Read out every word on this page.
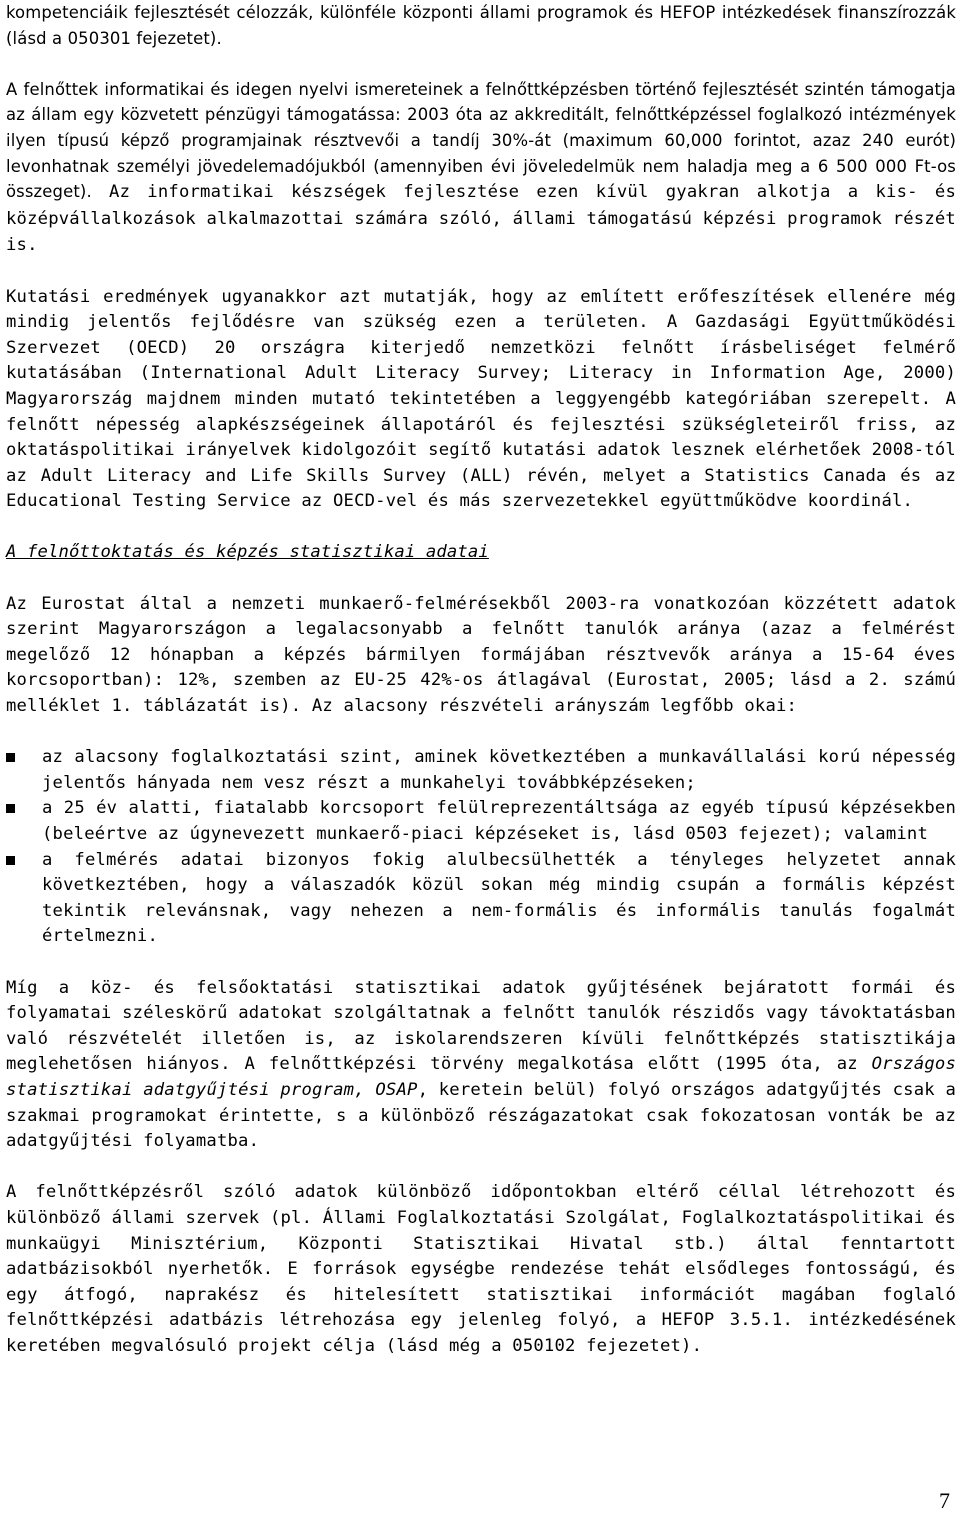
kompetenciáik fejlesztését célozzák, különféle központi állami programok és HEFOP intézkedések finanszírozzák (lásd a 050301 fejezetet).

A felnőttek informatikai és idegen nyelvi ismereteinek a felnőttképzésben történő fejlesztését szintén támogatja az állam egy közvetett pénzügyi támogatássa: 2003 óta az akkreditált, felnőttképzéssel foglalkozó intézmények ilyen típusú képző programjainak résztvevői a tandíj 30%-át (maximum 60,000 forintot, azaz 240 eurót) levonhatnak személyi jövedelemadójukból (amennyiben évi jöveledelmük nem haladja meg a 6 500 000 Ft-os összeget). Az informatikai készségek fejlesztése ezen kívül gyakran alkotja a kis- és középvállalkozások alkalmazottai számára szóló, állami támogatású képzési programok részét is.

Kutatási eredmények ugyanakkor azt mutatják, hogy az említett erőfeszítések ellenére még mindig jelentős fejlődésre van szükség ezen a területen. A Gazdasági Együttműködési Szervezet (OECD) 20 országra kiterjedő nemzetközi felnőtt írásbeliséget felmérő kutatásában (International Adult Literacy Survey; Literacy in Information Age, 2000) Magyarország majdnem minden mutató tekintetében a leggyengébb kategóriában szerepelt. A felnőtt népesség alapkészségeinek állapotáról és fejlesztési szükségleteiről friss, az oktatáspolitikai irányelvek kidolgozóit segítő kutatási adatok lesznek elérhetőek 2008-tól az Adult Literacy and Life Skills Survey (ALL) révén, melyet a Statistics Canada és az Educational Testing Service az OECD-vel és más szervezetekkel együttműködve koordinál.

A felnőttoktatás és képzés statisztikai adatai

Az Eurostat által a nemzeti munkaerő-felmérésekből 2003-ra vonatkozóan közzétett adatok szerint Magyarországon a legalacsonyabb a felnőtt tanulók aránya (azaz a felmérést megelőző 12 hónapban a képzés bármilyen formájában résztvevők aránya a 15-64 éves korcsoportban): 12%, szemben az EU-25 42%-os átlagával (Eurostat, 2005; lásd a 2. számú melléklet 1. táblázatát is). Az alacsony részvételi arányszám legfőbb okai:

az alacsony foglalkoztatási szint, aminek következtében a munkavállalási korú népesség jelentős hányada nem vesz részt a munkahelyi továbbképzéseken;
a 25 év alatti, fiatalabb korcsoport felülreprezentáltsága az egyéb típusú képzésekben (beleértve az úgynevezett munkaerő-piaci képzéseket is, lásd 0503 fejezet); valamint
a felmérés adatai bizonyos fokig alulbecsülhették a tényleges helyzetet annak következtében, hogy a válaszadók közül sokan még mindig csupán a formális képzést tekintik relevánsnak, vagy nehezen a nem-formális és informális tanulás fogalmát értelmezni.

Míg a köz- és felsőoktatási statisztikai adatok gyűjtésének bejáratott formái és folyamatai széleskörű adatokat szolgáltatnak a felnőtt tanulók részidős vagy távoktatásban való részvételét illetően is, az iskolarendszeren kívüli felnőttképzés statisztikája meglehetősen hiányos. A felnőttképzési törvény megalkotása előtt (1995 óta, az Országos statisztikai adatgyűjtési program, OSAP, keretein belül) folyó országos adatgyűjtés csak a szakmai programokat érintette, s a különböző részágazatokat csak fokozatosan vonták be az adatgyűjtési folyamatba.

A felnőttképzésről szóló adatok különböző időpontokban eltérő céllal létrehozott és különböző állami szervek (pl. Állami Foglalkoztatási Szolgálat, Foglalkoztatáspolitikai és munkaügyi Minisztérium, Központi Statisztikai Hivatal stb.) által fenntartott adatbázisokból nyerhetők. E források egységbe rendezése tehát elsődleges fontosságú, és egy átfogó, naprakész és hitelesített statisztikai információt magában foglaló felnőttképzési adatbázis létrehozása egy jelenleg folyó, a HEFOP 3.5.1. intézkedésének keretében megvalósuló projekt célja (lásd még a 050102 fejezetet).

7
